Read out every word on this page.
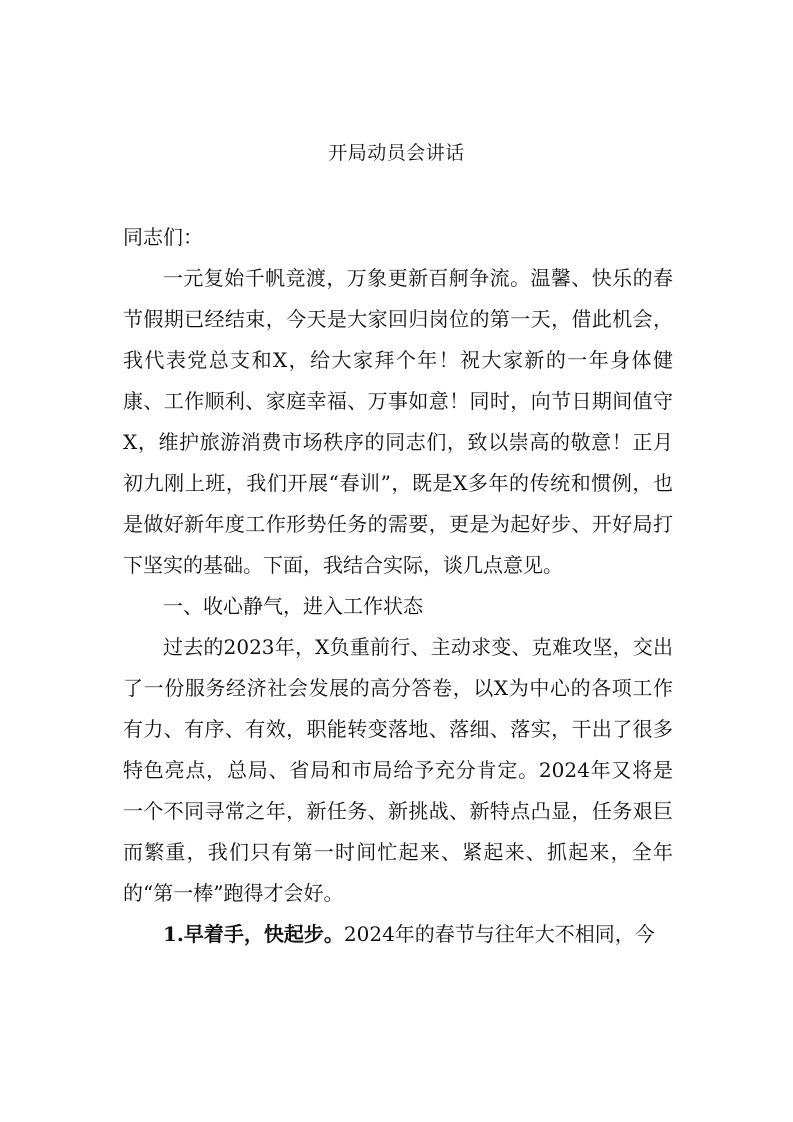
开局动员会讲话

同志们：

一元复始千帆竞渡，万象更新百舸争流。温馨、快乐的春节假期已经结束，今天是大家回归岗位的第一天，借此机会，我代表党总支和X，给大家拜个年！祝大家新的一年身体健康、工作顺利、家庭幸福、万事如意！同时，向节日期间值守X，维护旅游消费市场秩序的同志们，致以崇高的敬意！正月初九刚上班，我们开展“春训”，既是X多年的传统和惯例，也是做好新年度工作形势任务的需要，更是为起好步、开好局打下坚实的基础。下面，我结合实际，谈几点意见。

一、收心静气，进入工作状态

过去的2023年，X负重前行、主动求变、克难攻坚，交出了一份服务经济社会发展的高分答卷，以X为中心的各项工作有力、有序、有效，职能转变落地、落细、落实，干出了很多特色亮点，总局、省局和市局给予充分肯定。2024年又将是一个不同寻常之年，新任务、新挑战、新特点凸显，任务艰巨而繁重，我们只有第一时间忙起来、紧起来、抓起来，全年的“第一棒”跑得才会好。

1.早着手，快起步。2024年的春节与往年大不相同，今
